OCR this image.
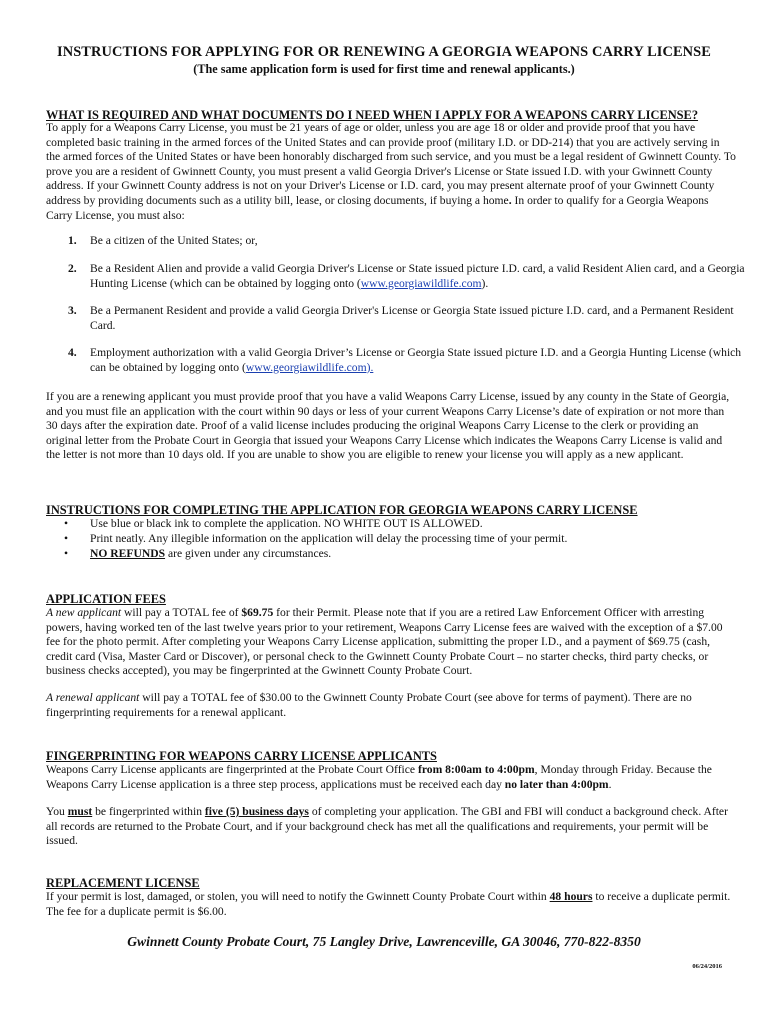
INSTRUCTIONS FOR APPLYING FOR OR RENEWING A GEORGIA WEAPONS CARRY LICENSE
(The same application form is used for first time and renewal applicants.)
WHAT IS REQUIRED AND WHAT DOCUMENTS DO I NEED WHEN I APPLY FOR A WEAPONS CARRY LICENSE?
To apply for a Weapons Carry License, you must be 21 years of age or older, unless you are age 18 or older and provide proof that you have completed basic training in the armed forces of the United States and can provide proof (military I.D. or DD-214) that you are actively serving in the armed forces of the United States or have been honorably discharged from such service, and you must be a legal resident of Gwinnett County. To prove you are a resident of Gwinnett County, you must present a valid Georgia Driver's License or State issued I.D. with your Gwinnett County address. If your Gwinnett County address is not on your Driver's License or I.D. card, you may present alternate proof of your Gwinnett County address by providing documents such as a utility bill, lease, or closing documents, if buying a home. In order to qualify for a Georgia Weapons Carry License, you must also:
1. Be a citizen of the United States; or,
2. Be a Resident Alien and provide a valid Georgia Driver's License or State issued picture I.D. card, a valid Resident Alien card, and a Georgia Hunting License (which can be obtained by logging onto (www.georgiawildlife.com).
3. Be a Permanent Resident and provide a valid Georgia Driver's License or Georgia State issued picture I.D. card, and a Permanent Resident Card.
4. Employment authorization with a valid Georgia Driver’s License or Georgia State issued picture I.D. and a Georgia Hunting License (which can be obtained by logging onto (www.georgiawildlife.com).
If you are a renewing applicant you must provide proof that you have a valid Weapons Carry License, issued by any county in the State of Georgia, and you must file an application with the court within 90 days or less of your current Weapons Carry License’s date of expiration or not more than 30 days after the expiration date. Proof of a valid license includes producing the original Weapons Carry License to the clerk or providing an original letter from the Probate Court in Georgia that issued your Weapons Carry License which indicates the Weapons Carry License is valid and the letter is not more than 10 days old. If you are unable to show you are eligible to renew your license you will apply as a new applicant.
INSTRUCTIONS FOR COMPLETING THE APPLICATION FOR GEORGIA WEAPONS CARRY LICENSE
• Use blue or black ink to complete the application. NO WHITE OUT IS ALLOWED.
• Print neatly. Any illegible information on the application will delay the processing time of your permit.
• NO REFUNDS are given under any circumstances.
APPLICATION FEES
A new applicant will pay a TOTAL fee of $69.75 for their Permit. Please note that if you are a retired Law Enforcement Officer with arresting powers, having worked ten of the last twelve years prior to your retirement, Weapons Carry License fees are waived with the exception of a $7.00 fee for the photo permit. After completing your Weapons Carry License application, submitting the proper I.D., and a payment of $69.75 (cash, credit card (Visa, Master Card or Discover), or personal check to the Gwinnett County Probate Court – no starter checks, third party checks, or business checks accepted), you may be fingerprinted at the Gwinnett County Probate Court.
A renewal applicant will pay a TOTAL fee of $30.00 to the Gwinnett County Probate Court (see above for terms of payment). There are no fingerprinting requirements for a renewal applicant.
FINGERPRINTING FOR WEAPONS CARRY LICENSE APPLICANTS
Weapons Carry License applicants are fingerprinted at the Probate Court Office from 8:00am to 4:00pm, Monday through Friday. Because the Weapons Carry License application is a three step process, applications must be received each day no later than 4:00pm.
You must be fingerprinted within five (5) business days of completing your application. The GBI and FBI will conduct a background check. After all records are returned to the Probate Court, and if your background check has met all the qualifications and requirements, your permit will be issued.
REPLACEMENT LICENSE
If your permit is lost, damaged, or stolen, you will need to notify the Gwinnett County Probate Court within 48 hours to receive a duplicate permit. The fee for a duplicate permit is $6.00.
Gwinnett County Probate Court, 75 Langley Drive, Lawrenceville, GA 30046, 770-822-8350
06/24/2016
